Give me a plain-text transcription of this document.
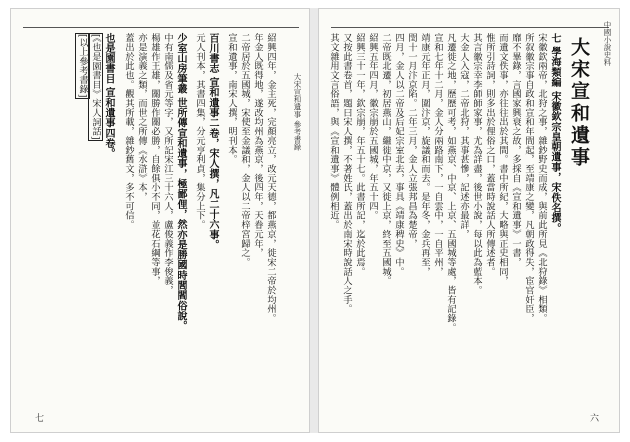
中國小說史料
大宋宣和遺事
七 學海類編 宋徽欽宗皇朝遺事，宋佚名撰。
宋徽欽兩帝，北狩之事，雜鈔野史而成，與前此所見《北狩錄》相類。
所叙徽宗事自政和宣和年間起，至靖康之變，凡朝政得失，宦官奸臣，
靡不畢錄，言國家興衰之故，多採自《宣和遺事》一書，
而遺文佚事，亦往往出於其間。書中所紀，大略與正史相同，
惟所引詩詞，則多出於俚俗之口，蓋當時說話人所傳述者。
其言徽宗幸李師師家事，尤為詳盡，後世小說，每以此為藍本。
大金人入寇，二帝北狩，其事甚慘，記述亦最詳，
凡遷徙之地，歷歷可考，如燕京、中京、上京、五國城等處，皆有記錄。
宣和七年十二月，金人分兩路南下，一自雲中，一自平州，
靖康元年正月，圍汴京，旋議和而去。是年冬，金兵再至，
閏十一月汴京陷。二年三月，金人立張邦昌為楚帝，
四月，金人以二帝及后妃宗室北去，事具《靖康稗史》中。
二帝既北遷，初居燕山，繼徙中京，又徙上京，終至五國城。
紹興五年四月，徽宗崩於五國城，年五十四。
紹興三十一年，欽宗崩，年五十七。此書所記，迄於此焉。
又按此書卷首，題曰宋人撰，不著姓氏，蓋出於南宋時說話人之手。
其文雜用文言俗語，與《宣和遺事》體例相近。
六
大宋宣和遺事 參考書錄
紹興四年，金主死，完顏亮立，改元天德，都燕京，徙宋二帝於均州。
年金人既得地，遂改均州為燕京，後四年，天眷元年，
二帝居於五國城，宋使至金議和，金人以二帝梓宮歸之。
宣和遺事，南宋人撰，明刊本。
百川書志 宣和遺事二卷，宋人撰，凡二十六事。
元人刊本，其書四集，分元亨利貞，集分上下。
少室山房筆叢 世所傳宣和遺事，極鄙俚，然亦是勝國時閭閻俗說。
中有南儒及省元等字，又所記宋江三十六人，盧俊義作李俊義，
楊雄作王雄，關勝作關必勝，自餘俱小不同，並花石綱等事，
亦是演義之類，而世之所傳《水滸》本，
蓋出於此也。觀其所載，雜鈔舊文，多不可信。
也是園書目 宣和遺事四卷。
[《也是園書目》宋人詞話]
[以上參考書錄]
七
